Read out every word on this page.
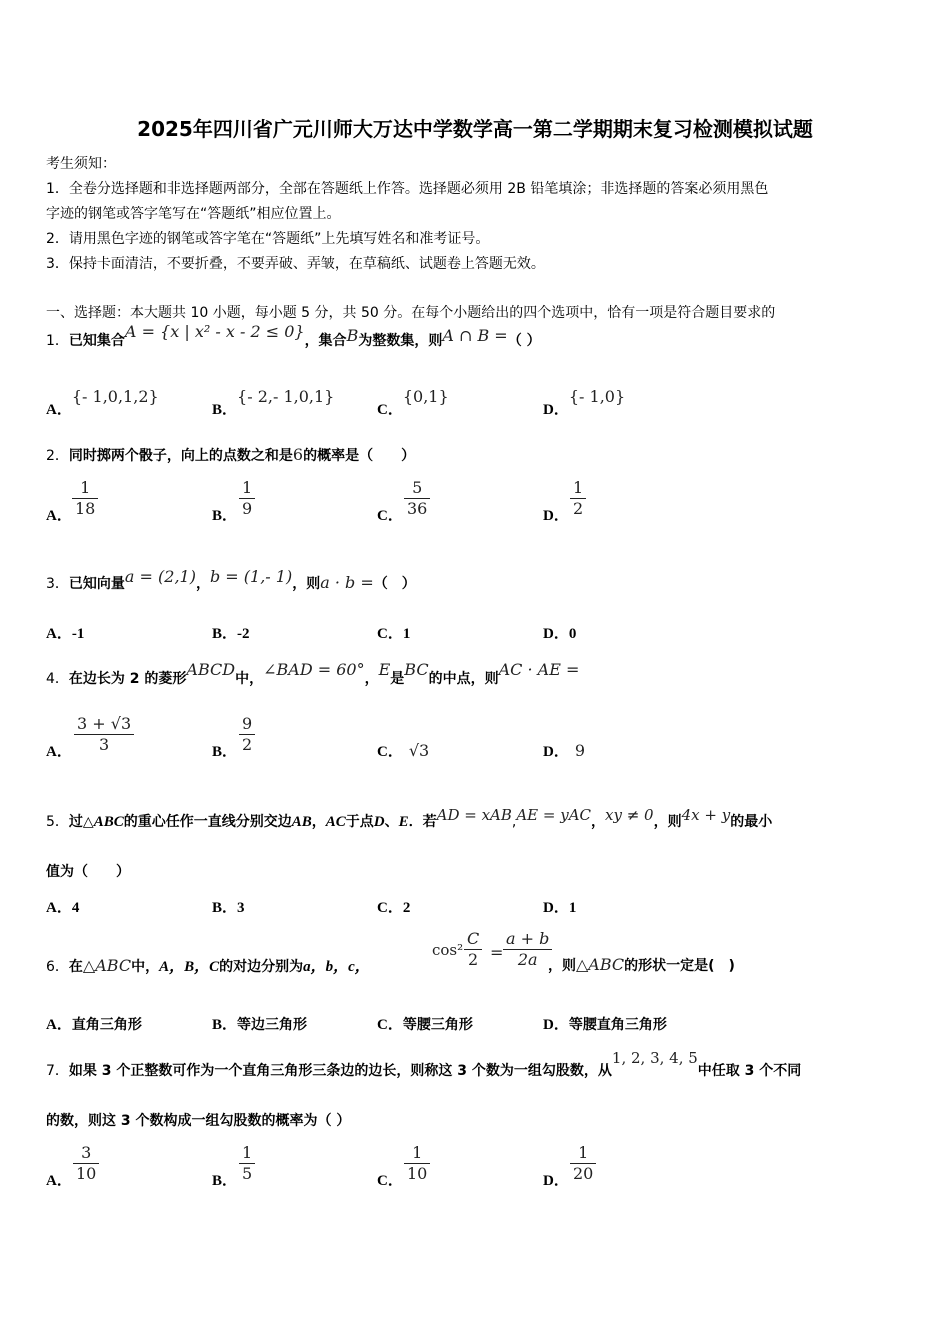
2025年四川省广元川师大万达中学数学高一第二学期期末复习检测模拟试题
考生须知：
1．全卷分选择题和非选择题两部分，全部在答题纸上作答。选择题必须用 2B 铅笔填涂；非选择题的答案必须用黑色
字迹的钢笔或答字笔写在“答题纸”相应位置上。
2．请用黑色字迹的钢笔或答字笔在“答题纸”上先填写姓名和准考证号。
3．保持卡面清洁，不要折叠，不要弄破、弄皱，在草稿纸、试题卷上答题无效。
一、选择题：本大题共 10 小题，每小题 5 分，共 50 分。在每个小题给出的四个选项中，恰有一项是符合题目要求的
1．已知集合A = {x | x² - x - 2 ≤ 0}，集合B为整数集，则A ∩ B =（ ）
A．{- 1,0,1,2}
B．{- 2,- 1,0,1}
C．{0,1}
D．{- 1,0}
2．同时掷两个骰子，向上的点数之和是6的概率是（　　）
A． $\frac{1}{18}$	B． $\frac{1}{9}$	C． $\frac{5}{36}$	D． $\frac{1}{2}$
3．已知向量a = (2,1)，b = (1,- 1)，则a · b =（　）
A．-1	B．-2	C．1	D．0
4．在边长为 2 的菱形ABCD中，∠BAD = 60°，E是BC的中点，则AC · AE =
A． $\frac{3 + √3}{3}$	B． $\frac{9}{2}$	C． √3	D． 9
5．过△ABC的重心任作一直线分别交边AB，AC于点D、E．若AD = xAB,AE = yAC，xy ≠ 0，则4x + y的最小
值为（　　）
A．4	B．3	C．2	D．1
6．在△ABC中，A，B，C的对边分别为a，b，c，
$\cos^2 \frac{C}{2} = \frac{a + b}{2a}$
，则△ABC的形状一定是(　)
A．直角三角形	B．等边三角形	C．等腰三角形	D．等腰直角三角形
7．如果 3 个正整数可作为一个直角三角形三条边的边长，则称这 3 个数为一组勾股数，从1, 2, 3, 4, 5中任取 3 个不同
的数，则这 3 个数构成一组勾股数的概率为（ ）
A． $\frac{3}{10}$	B． $\frac{1}{5}$	C． $\frac{1}{10}$	D． $\frac{1}{20}$
